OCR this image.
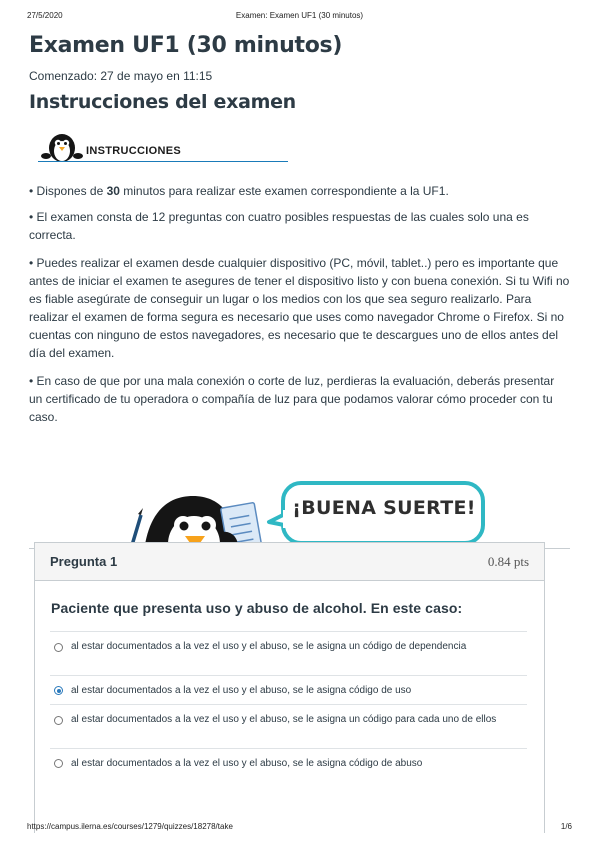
27/5/2020	Examen: Examen UF1 (30 minutos)
Examen UF1 (30 minutos)
Comenzado: 27 de mayo en 11:15
Instrucciones del examen
INSTRUCCIONES
• Dispones de 30 minutos para realizar este examen correspondiente a la UF1.
• El examen consta de 12 preguntas con cuatro posibles respuestas de las cuales solo una es correcta.
• Puedes realizar el examen desde cualquier dispositivo (PC, móvil, tablet..) pero es importante que antes de iniciar el examen te asegures de tener el dispositivo listo y con buena conexión. Si tu Wifi no es fiable asegúrate de conseguir un lugar o los medios con los que sea seguro realizarlo. Para realizar el examen de forma segura es necesario que uses como navegador Chrome o Firefox. Si no cuentas con ninguno de estos navegadores, es necesario que te descargues uno de ellos antes del día del examen.
• En caso de que por una mala conexión o corte de luz, perdieras la evaluación, deberás presentar un certificado de tu operadora o compañía de luz para que podamos valorar cómo proceder con tu caso.
¡BUENA SUERTE!
Pregunta 1	0.84 pts
Paciente que presenta uso y abuso de alcohol. En este caso:
al estar documentados a la vez el uso y el abuso, se le asigna un código de dependencia
al estar documentados a la vez el uso y el abuso, se le asigna código de uso
al estar documentados a la vez el uso y el abuso, se le asigna un código para cada uno de ellos
al estar documentados a la vez el uso y el abuso, se le asigna código de abuso
https://campus.ilerna.es/courses/1279/quizzes/18278/take	1/6
